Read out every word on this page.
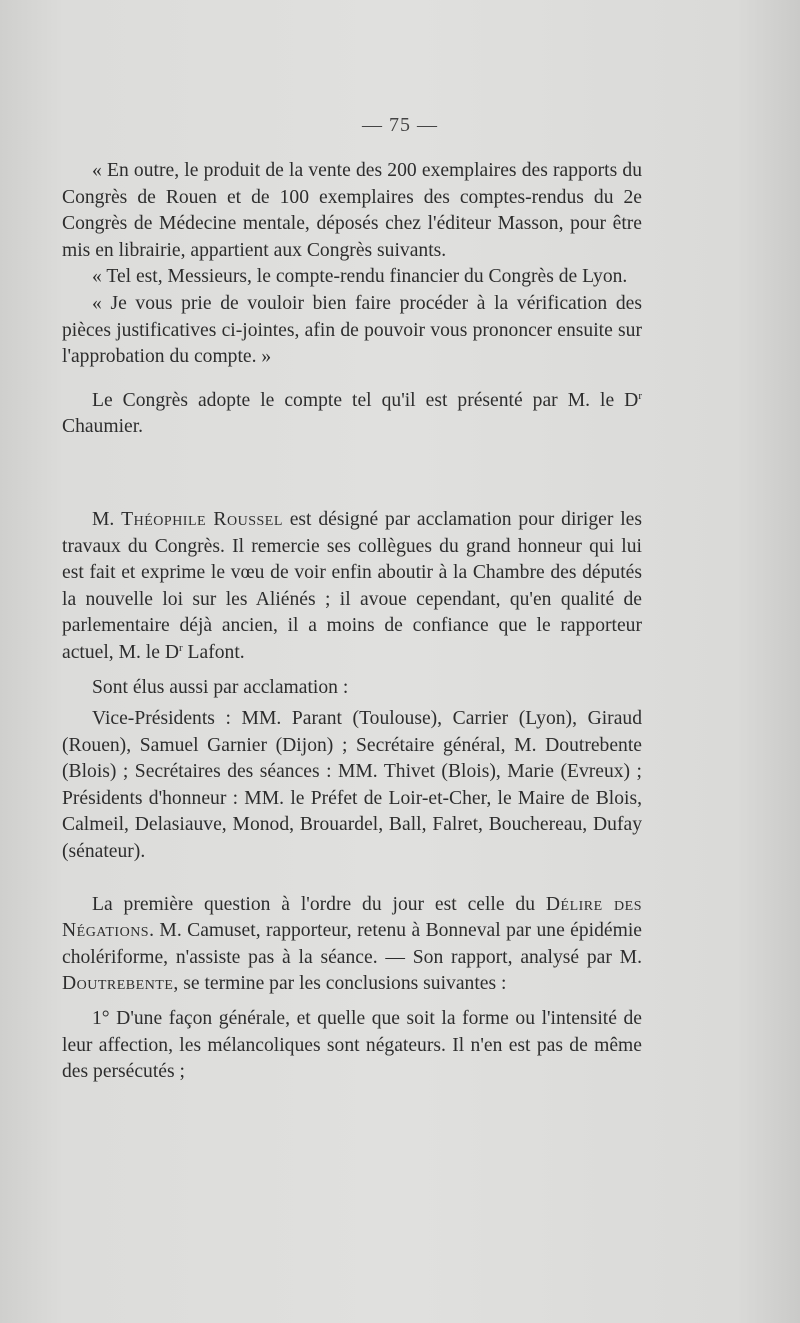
— 75 —

« En outre, le produit de la vente des 200 exemplaires des rapports du Congrès de Rouen et de 100 exemplaires des comptes-rendus du 2e Congrès de Médecine mentale, déposés chez l'éditeur Masson, pour être mis en librairie, appartient aux Congrès suivants.

« Tel est, Messieurs, le compte-rendu financier du Congrès de Lyon.

« Je vous prie de vouloir bien faire procéder à la vérification des pièces justificatives ci-jointes, afin de pouvoir vous prononcer ensuite sur l'approbation du compte. »

Le Congrès adopte le compte tel qu'il est présenté par M. le $D^r$ Chaumier.

M. Théophile Roussel est désigné par acclamation pour diriger les travaux du Congrès. Il remercie ses collègues du grand honneur qui lui est fait et exprime le vœu de voir enfin aboutir à la Chambre des députés la nouvelle loi sur les Aliénés ; il avoue cependant, qu'en qualité de parlementaire déjà ancien, il a moins de confiance que le rapporteur actuel, M. le $D^r$ Lafont.

Sont élus aussi par acclamation :

Vice-Présidents : MM. Parant (Toulouse), Carrier (Lyon), Giraud (Rouen), Samuel Garnier (Dijon) ; Secrétaire général, M. Doutrebente (Blois) ; Secrétaires des séances : MM. Thivet (Blois), Marie (Evreux) ; Présidents d'honneur : MM. le Préfet de Loir-et-Cher, le Maire de Blois, Calmeil, Delasiauve, Monod, Brouardel, Ball, Falret, Bouchereau, Dufay (sénateur).

La première question à l'ordre du jour est celle du Délire des Négations. M. Camuset, rapporteur, retenu à Bonneval par une épidémie cholériforme, n'assiste pas à la séance. — Son rapport, analysé par M. Doutrebente, se termine par les conclusions suivantes :

1° D'une façon générale, et quelle que soit la forme ou l'intensité de leur affection, les mélancoliques sont négateurs. Il n'en est pas de même des persécutés ;
